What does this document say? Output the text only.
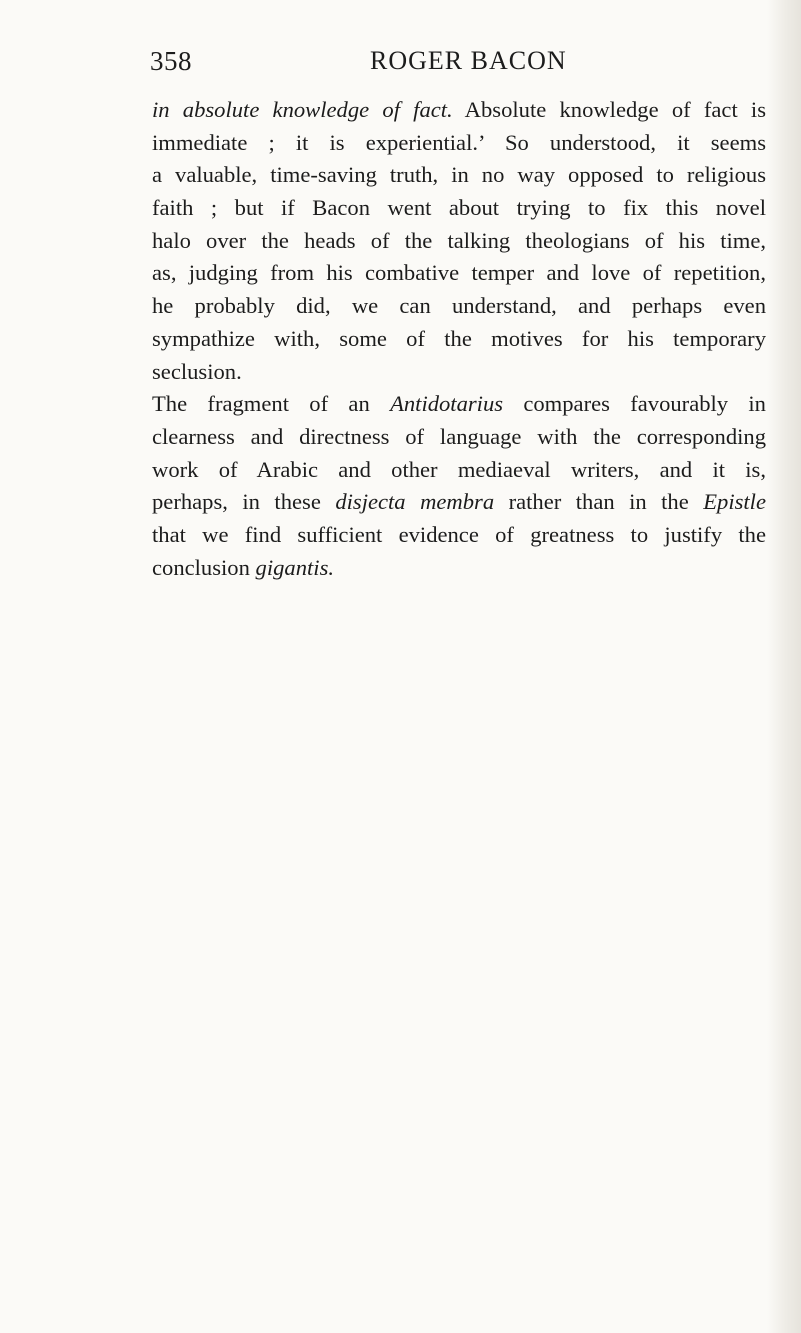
358	ROGER BACON
in absolute knowledge of fact. Absolute knowledge of fact is
immediate ; it is experiential.’ So understood, it seems
a valuable, time-saving truth, in no way opposed to religious
faith ; but if Bacon went about trying to fix this novel
halo over the heads of the talking theologians of his time,
as, judging from his combative temper and love of repetition,
he probably did, we can understand, and perhaps even
sympathize with, some of the motives for his temporary
seclusion.
The fragment of an Antidotarius compares favourably in
clearness and directness of language with the corresponding
work of Arabic and other mediaeval writers, and it is,
perhaps, in these disjecta membra rather than in the Epistle
that we find sufficient evidence of greatness to justify the
conclusion gigantis.
